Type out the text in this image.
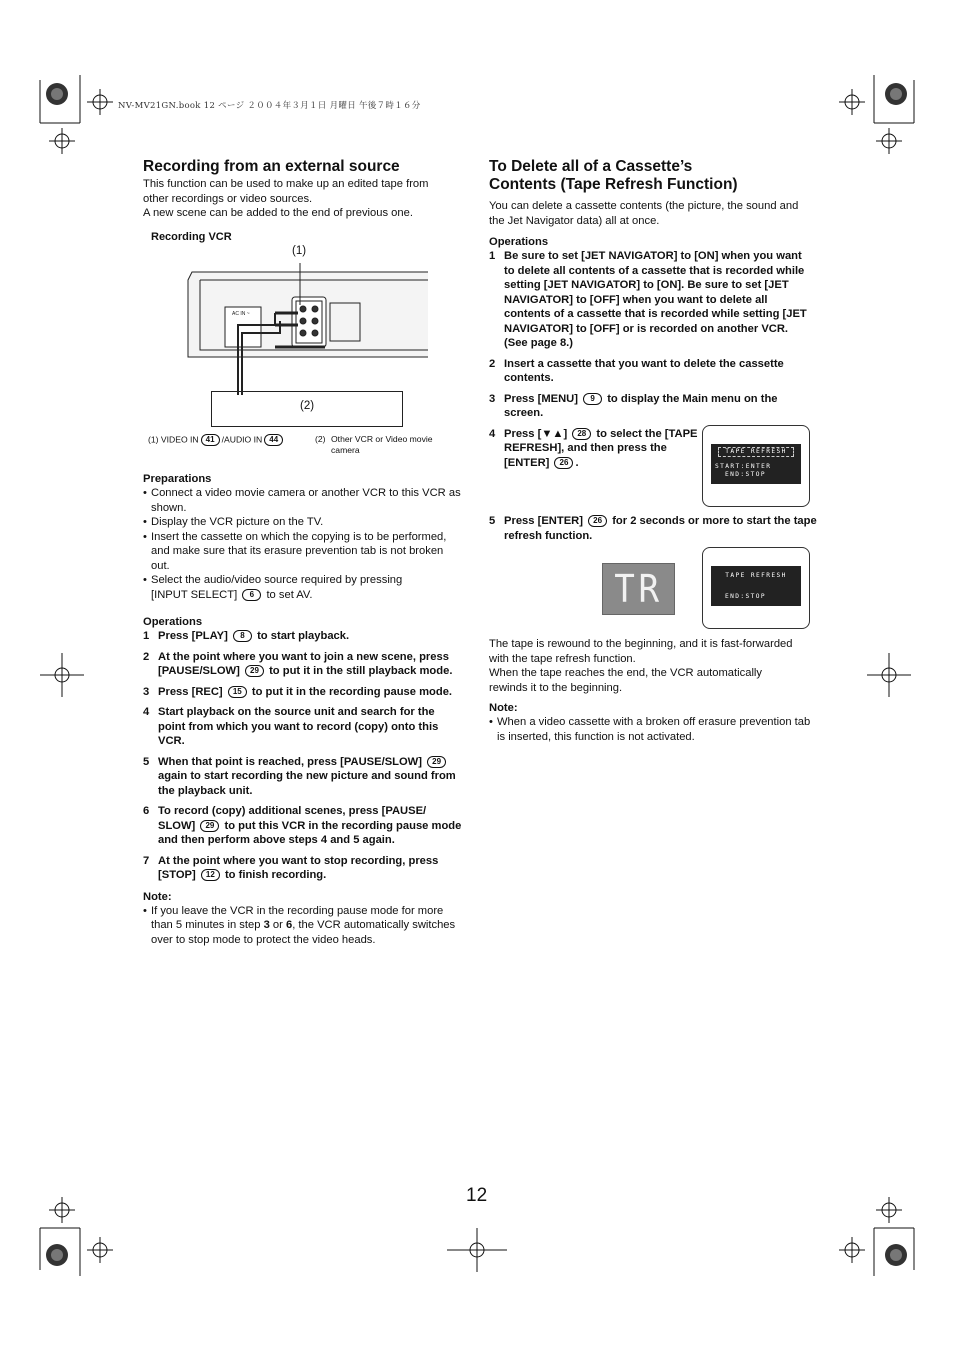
NV-MV21GN.book 12 ページ ２００４年３月１日 月曜日 午後７時１６分
Recording from an external source

This function can be used to make up an edited tape from

other recordings or video sources.

A new scene can be added to the end of previous one.

Recording VCR
(1)
AC IN ~
(2)
(1) VIDEO IN 41 /AUDIO IN 44	(2) Other VCR or Video movie camera
Preparations
• Connect a video movie camera or another VCR to this VCR as shown.
• Display the VCR picture on the TV.
• Insert the cassette on which the copying is to be performed, and make sure that its erasure prevention tab is not broken out.
• Select the audio/video source required by pressing
[INPUT SELECT] 6 to set AV.
Operations
1 Press [PLAY] 8 to start playback.
2 At the point where you want to join a new scene, press [PAUSE/SLOW] 29 to put it in the still playback mode.
3 Press [REC] 15 to put it in the recording pause mode.
4 Start playback on the source unit and search for the point from which you want to record (copy) onto this VCR.
5 When that point is reached, press [PAUSE/SLOW] 29 again to start recording the new picture and sound from the playback unit.
6 To record (copy) additional scenes, press [PAUSE/ SLOW] 29 to put this VCR in the recording pause mode and then perform above steps 4 and 5 again.
7 At the point where you want to stop recording, press [STOP] 12 to finish recording.
Note:
• If you leave the VCR in the recording pause mode for more than 5 minutes in step 3 or 6, the VCR automatically switches over to stop mode to protect the video heads.
To Delete all of a Cassette’s
Contents (Tape Refresh Function)
You can delete a cassette contents (the picture, the sound and the Jet Navigator data) all at once.
Operations
1 Be sure to set [JET NAVIGATOR] to [ON] when you want to delete all contents of a cassette that is recorded while setting [JET NAVIGATOR] to [ON]. Be sure to set [JET NAVIGATOR] to [OFF] when you want to delete all contents of a cassette that is recorded while setting [JET NAVIGATOR] to [OFF] or is recorded on another VCR. (See page 8.)
2 Insert a cassette that you want to delete the cassette contents.
3 Press [MENU] 9 to display the Main menu on the screen.
4 Press [▼▲] 28 to select the [TAPE REFRESH], and then press the [ENTER] 26 .
TAPE REFRESH
START:ENTER
END:STOP
5 Press [ENTER] 26 for 2 seconds or more to start the tape refresh function.
TR	TAPE REFRESH
END:STOP

The tape is rewound to the beginning, and it is fast-forwarded

with the tape refresh function.

When the tape reaches the end, the VCR automatically

rewinds it to the beginning.

Note:
• When a video cassette with a broken off erasure prevention tab is inserted, this function is not activated.
12
